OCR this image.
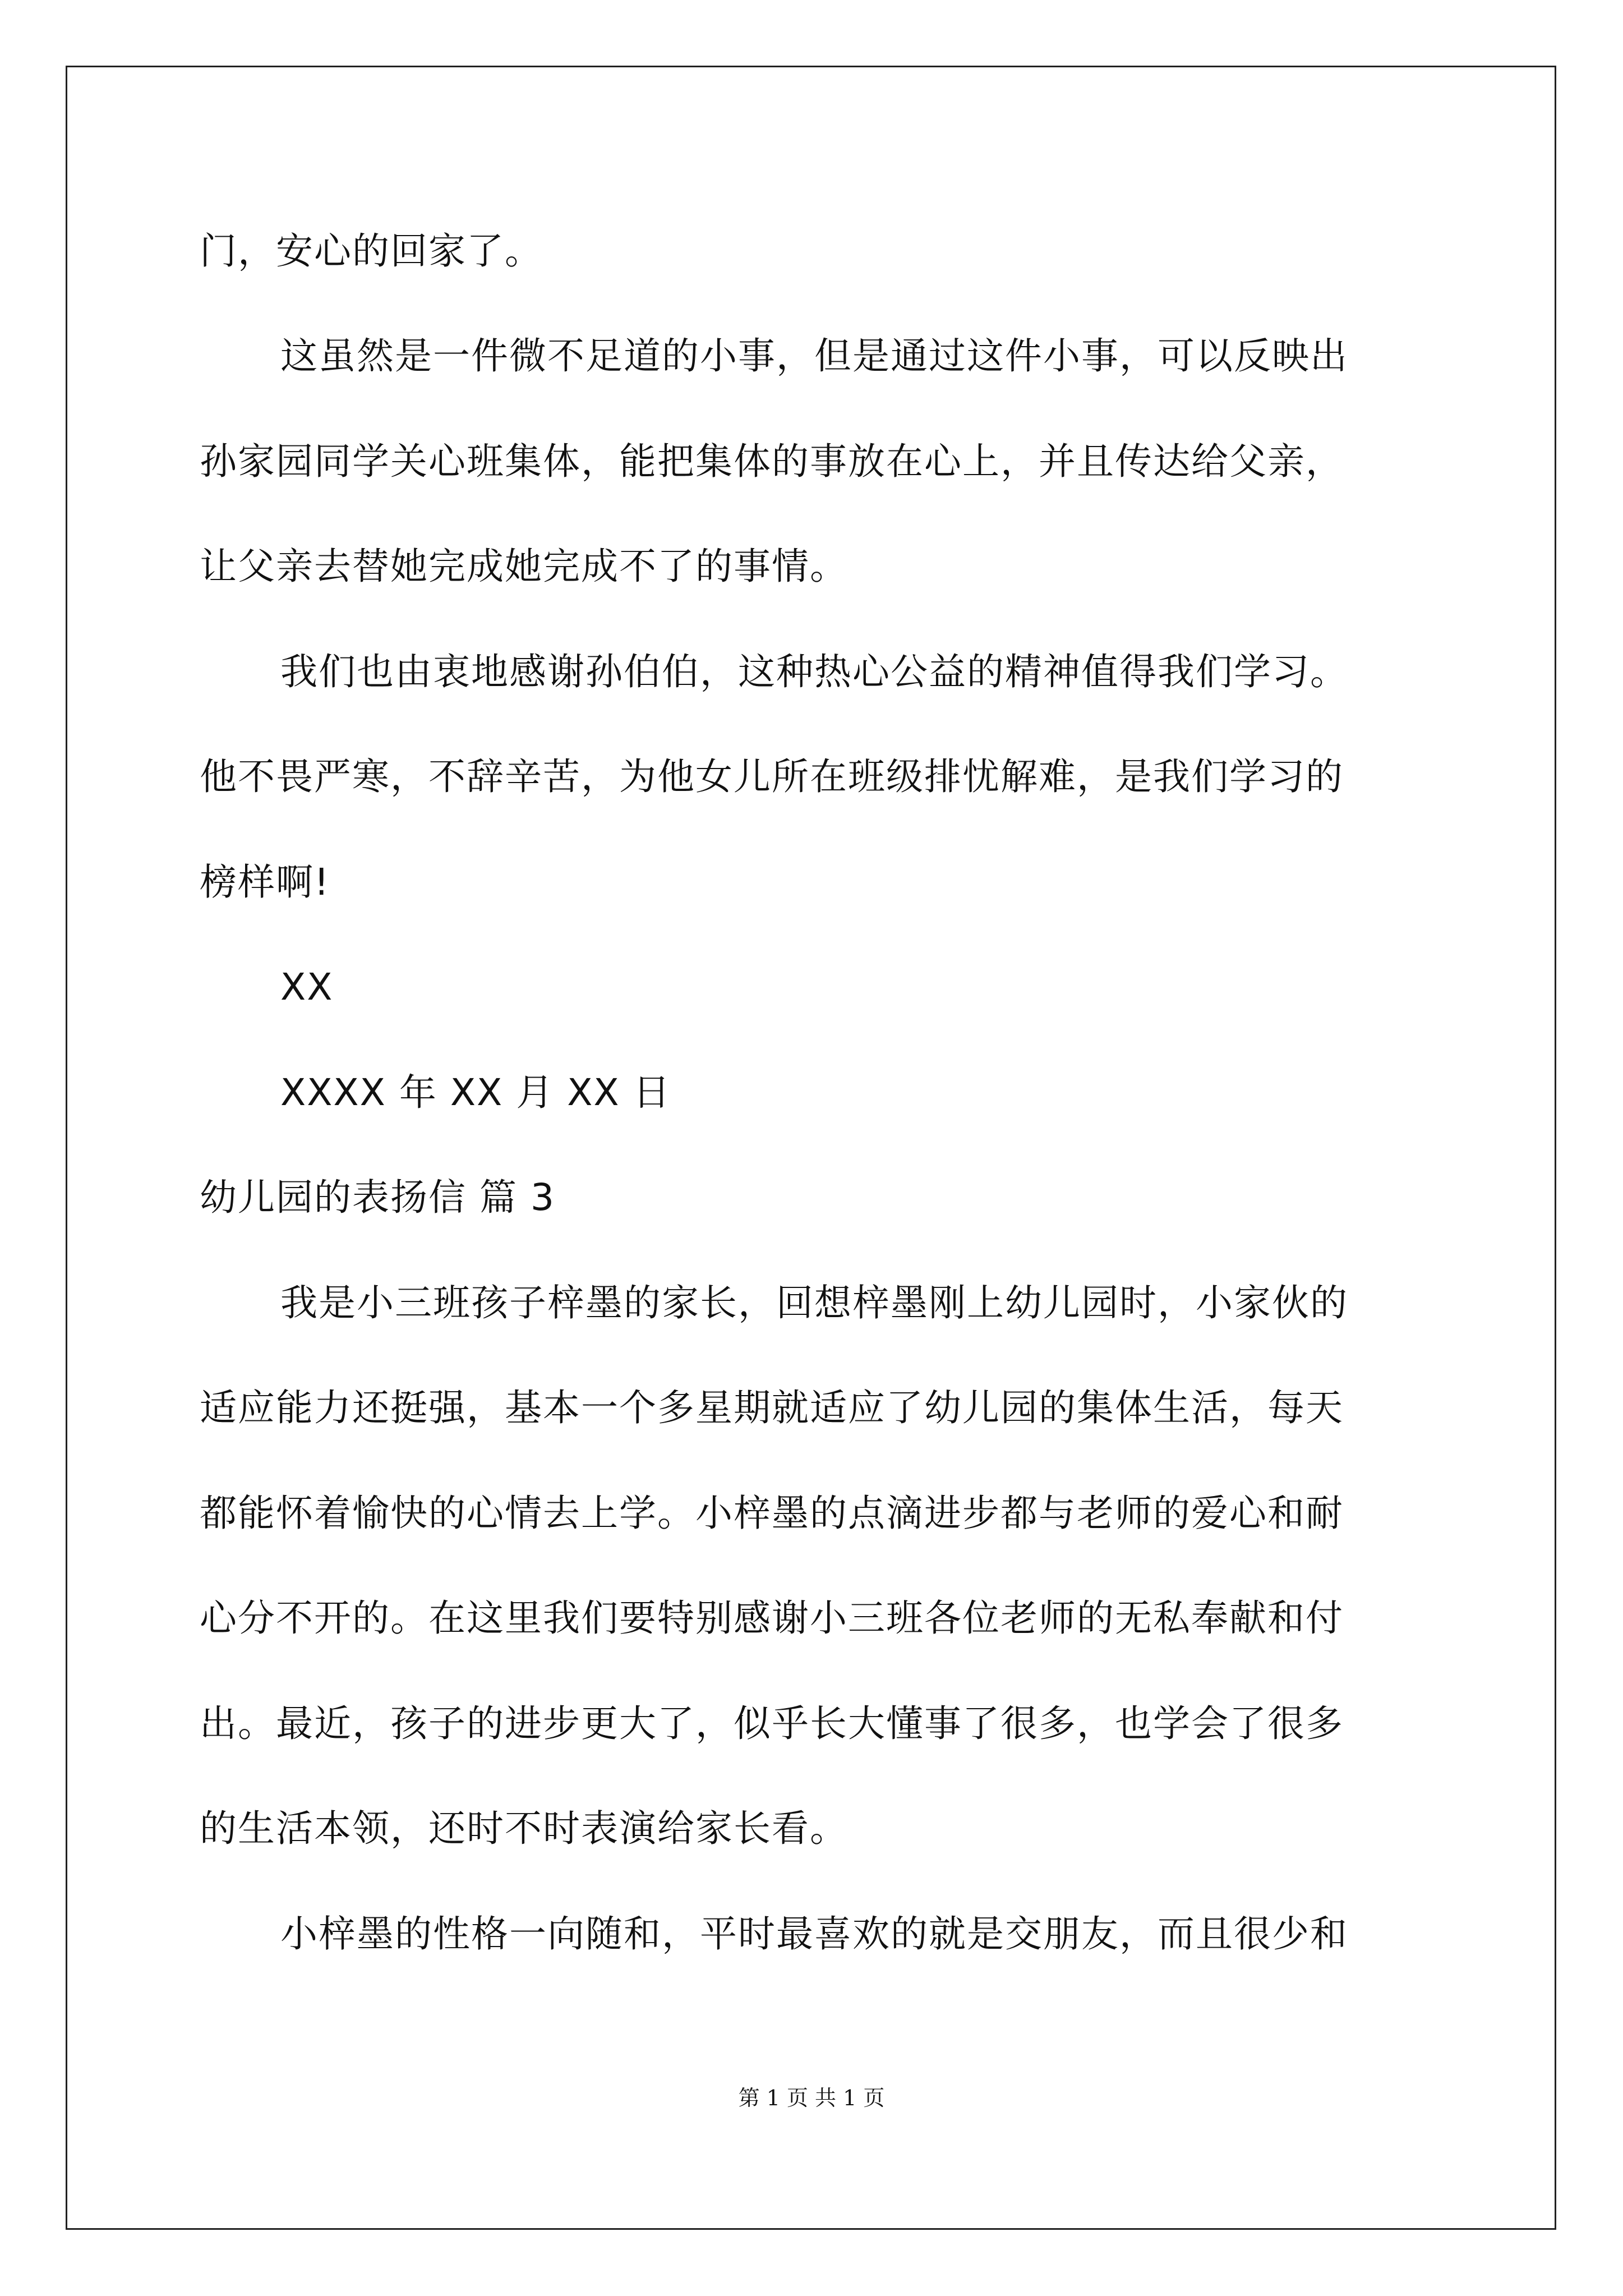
门，安心的回家了。
这虽然是一件微不足道的小事，但是通过这件小事，可以反映出
孙家园同学关心班集体，能把集体的事放在心上，并且传达给父亲，
让父亲去替她完成她完成不了的事情。
我们也由衷地感谢孙伯伯，这种热心公益的精神值得我们学习。
他不畏严寒，不辞辛苦，为他女儿所在班级排忧解难，是我们学习的
榜样啊!
XX
XXXX 年 XX 月 XX 日
幼儿园的表扬信 篇 3
我是小三班孩子梓墨的家长，回想梓墨刚上幼儿园时，小家伙的
适应能力还挺强，基本一个多星期就适应了幼儿园的集体生活，每天
都能怀着愉快的心情去上学。小梓墨的点滴进步都与老师的爱心和耐
心分不开的。在这里我们要特别感谢小三班各位老师的无私奉献和付
出。最近，孩子的进步更大了，似乎长大懂事了很多，也学会了很多
的生活本领，还时不时表演给家长看。
小梓墨的性格一向随和，平时最喜欢的就是交朋友，而且很少和
第 1 页 共 1 页
